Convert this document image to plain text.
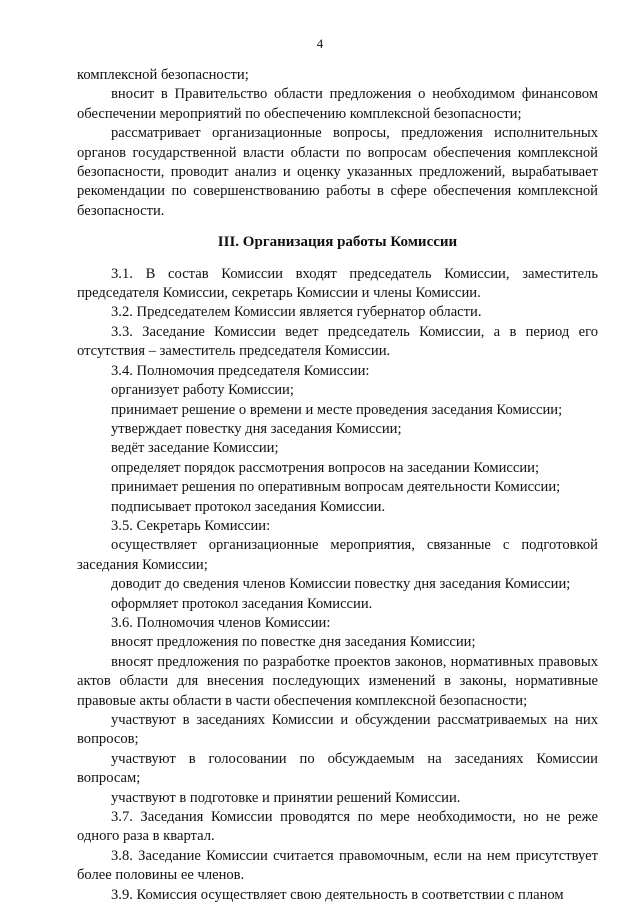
4

комплексной безопасности;

вносит в Правительство области предложения о необходимом финансовом обеспечении мероприятий по обеспечению комплексной безопасности;

рассматривает организационные вопросы, предложения исполнительных органов государственной власти области по вопросам обеспечения комплексной безопасности, проводит анализ и оценку указанных предложений, вырабатывает рекомендации по совершенствованию работы в сфере обеспечения комплексной безопасности.

III. Организация работы Комиссии

3.1. В состав Комиссии входят председатель Комиссии, заместитель председателя Комиссии, секретарь Комиссии и члены Комиссии.

3.2. Председателем Комиссии является губернатор области.

3.3. Заседание Комиссии ведет председатель Комиссии, а в период его отсутствия – заместитель председателя Комиссии.

3.4. Полномочия председателя Комиссии:

организует работу Комиссии;

принимает решение о времени и месте проведения заседания Комиссии;

утверждает повестку дня заседания Комиссии;

ведёт заседание Комиссии;

определяет порядок рассмотрения вопросов на заседании Комиссии;

принимает решения по оперативным вопросам деятельности Комиссии;

подписывает протокол заседания Комиссии.

3.5. Секретарь Комиссии:

осуществляет организационные мероприятия, связанные с подготовкой заседания Комиссии;

доводит до сведения членов Комиссии повестку дня заседания Комиссии;

оформляет протокол заседания Комиссии.

3.6. Полномочия членов Комиссии:

вносят предложения по повестке дня заседания Комиссии;

вносят предложения по разработке проектов законов, нормативных правовых актов области для внесения последующих изменений в законы, нормативные правовые акты области в части обеспечения комплексной безопасности;

участвуют в заседаниях Комиссии и обсуждении рассматриваемых на них вопросов;

участвуют в голосовании по обсуждаемым на заседаниях Комиссии вопросам;

участвуют в подготовке и принятии решений Комиссии.

3.7. Заседания Комиссии проводятся по мере необходимости, но не реже одного раза в квартал.

3.8. Заседание Комиссии считается правомочным, если на нем присутствует более половины ее членов.

3.9. Комиссия осуществляет свою деятельность в соответствии с планом
